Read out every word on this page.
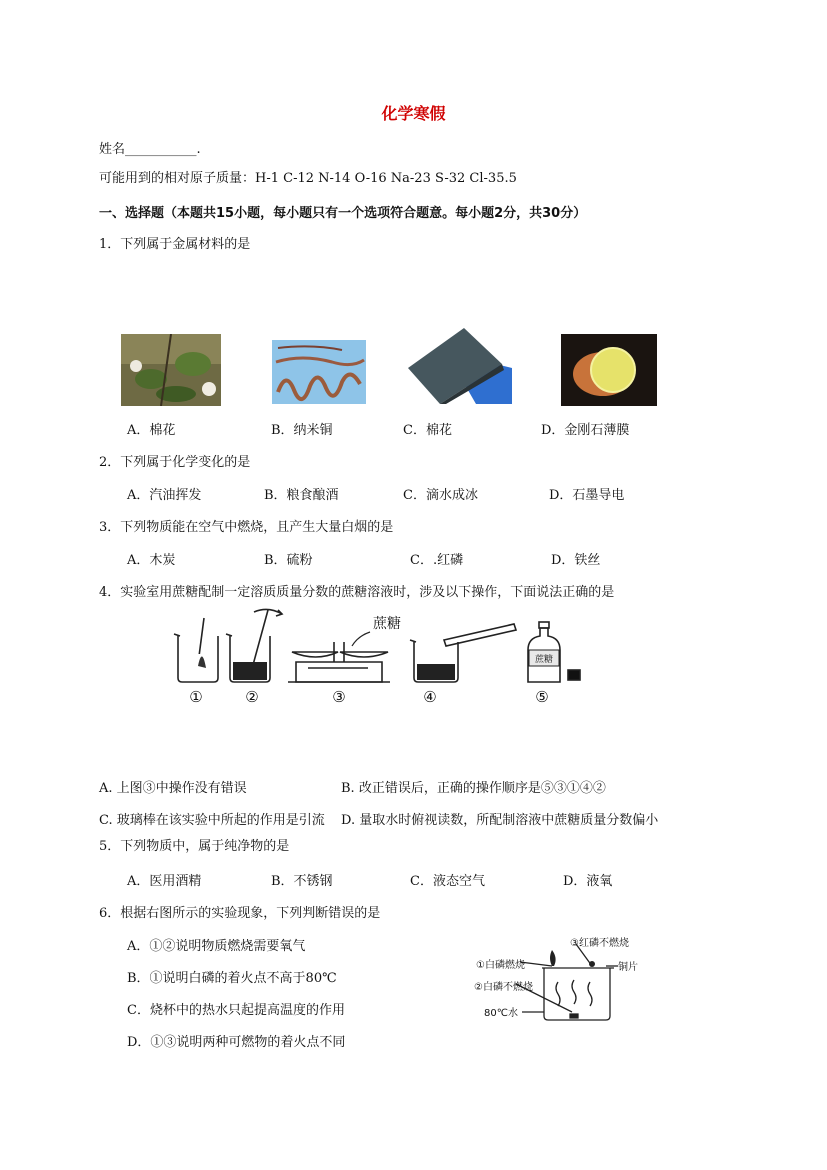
化学寒假
姓名___________.
可能用到的相对原子质量：H-1 C-12 N-14 O-16 Na-23 S-32 Cl-35.5
一、选择题（本题共15小题，每小题只有一个选项符合题意。每小题2分，共30分）
1．下列属于金属材料的是
A．棉花	B．纳米铜	C．棉花	D．金刚石薄膜
2．下列属于化学变化的是
A．汽油挥发	B．粮食酿酒	C．滴水成冰	D．石墨导电
3．下列物质能在空气中燃烧，且产生大量白烟的是
A．木炭	B．硫粉	C．.红磷	D．铁丝
4．实验室用蔗糖配制一定溶质质量分数的蔗糖溶液时，涉及以下操作，下面说法正确的是
蔗糖
蔗糖
①	②	③	④	⑤
A. 上图③中操作没有错误	B. 改正错误后，正确的操作顺序是⑤③①④②
C. 玻璃棒在该实验中所起的作用是引流 D. 量取水时俯视读数，所配制溶液中蔗糖质量分数偏小
5．下列物质中，属于纯净物的是
A．医用酒精	B．不锈钢	C．液态空气	D．液氧
6．根据右图所示的实验现象，下列判断错误的是
A．①②说明物质燃烧需要氧气
B．①说明白磷的着火点不高于80℃
C．烧杯中的热水只起提高温度的作用
D．①③说明两种可燃物的着火点不同
③红磷不燃烧
①白磷燃烧	铜片
②白磷不燃烧
80℃水
